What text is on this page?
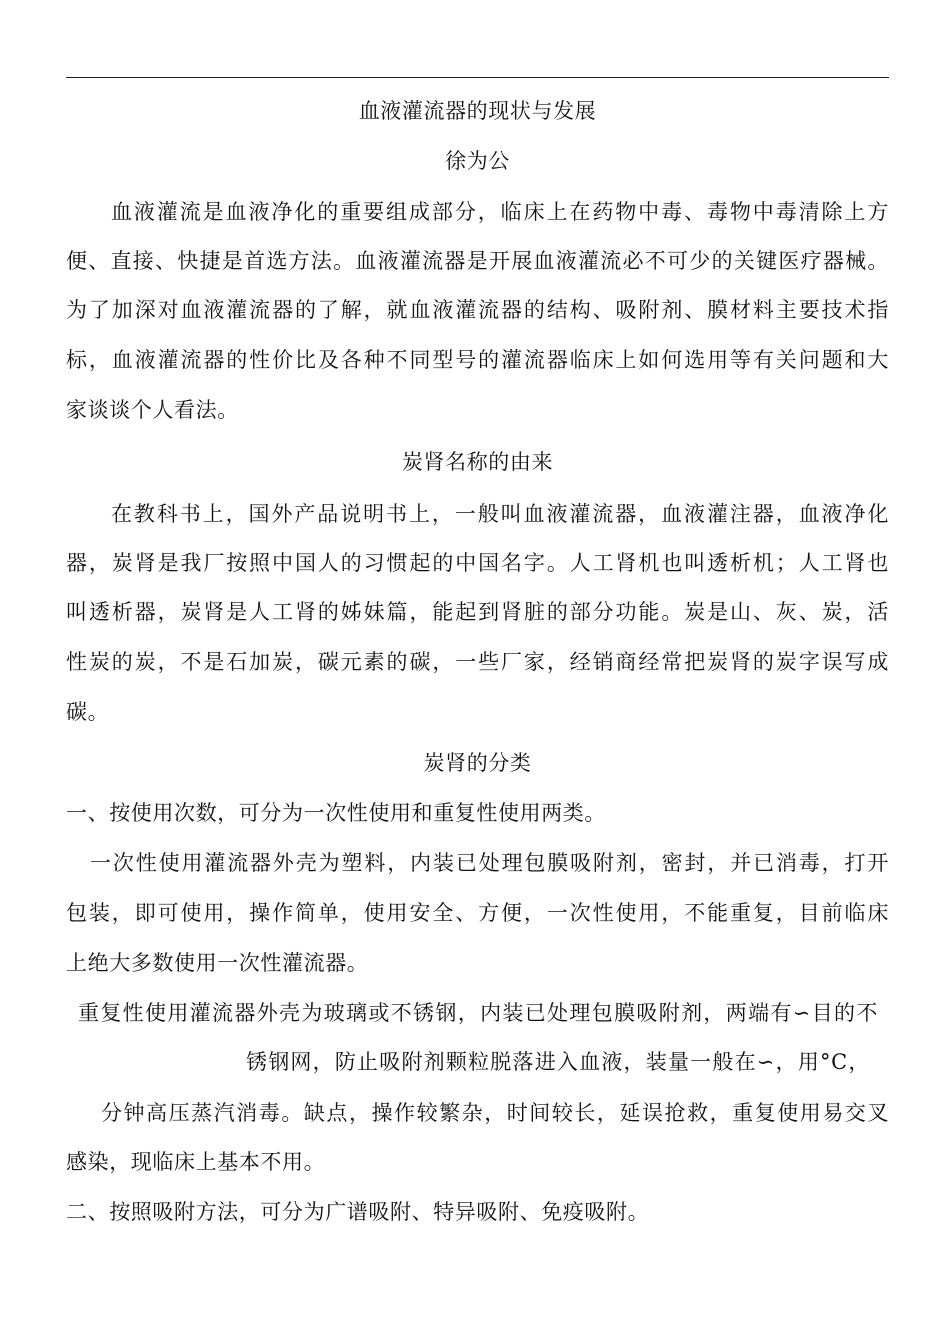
血液灌流器的现状与发展
徐为公
血液灌流是血液净化的重要组成部分，临床上在药物中毒、毒物中毒清除上方
便、直接、快捷是首选方法。血液灌流器是开展血液灌流必不可少的关键医疗器械。
为了加深对血液灌流器的了解，就血液灌流器的结构、吸附剂、膜材料主要技术指
标，血液灌流器的性价比及各种不同型号的灌流器临床上如何选用等有关问题和大
家谈谈个人看法。
炭肾名称的由来
在教科书上，国外产品说明书上，一般叫血液灌流器，血液灌注器，血液净化
器，炭肾是我厂按照中国人的习惯起的中国名字。人工肾机也叫透析机；人工肾也
叫透析器，炭肾是人工肾的姊妹篇，能起到肾脏的部分功能。炭是山、灰、炭，活
性炭的炭，不是石加炭，碳元素的碳，一些厂家，经销商经常把炭肾的炭字误写成
碳。
炭肾的分类
一、按使用次数，可分为一次性使用和重复性使用两类。
一次性使用灌流器外壳为塑料，内装已处理包膜吸附剂，密封，并已消毒，打开
包装，即可使用，操作简单，使用安全、方便，一次性使用，不能重复，目前临床
上绝大多数使用一次性灌流器。
重复性使用灌流器外壳为玻璃或不锈钢，内装已处理包膜吸附剂，两端有∽目的不
锈钢网，防止吸附剂颗粒脱落进入血液，装量一般在∽，用°C，
分钟高压蒸汽消毒。缺点，操作较繁杂，时间较长，延误抢救，重复使用易交叉
感染，现临床上基本不用。
二、按照吸附方法，可分为广谱吸附、特异吸附、免疫吸附。
